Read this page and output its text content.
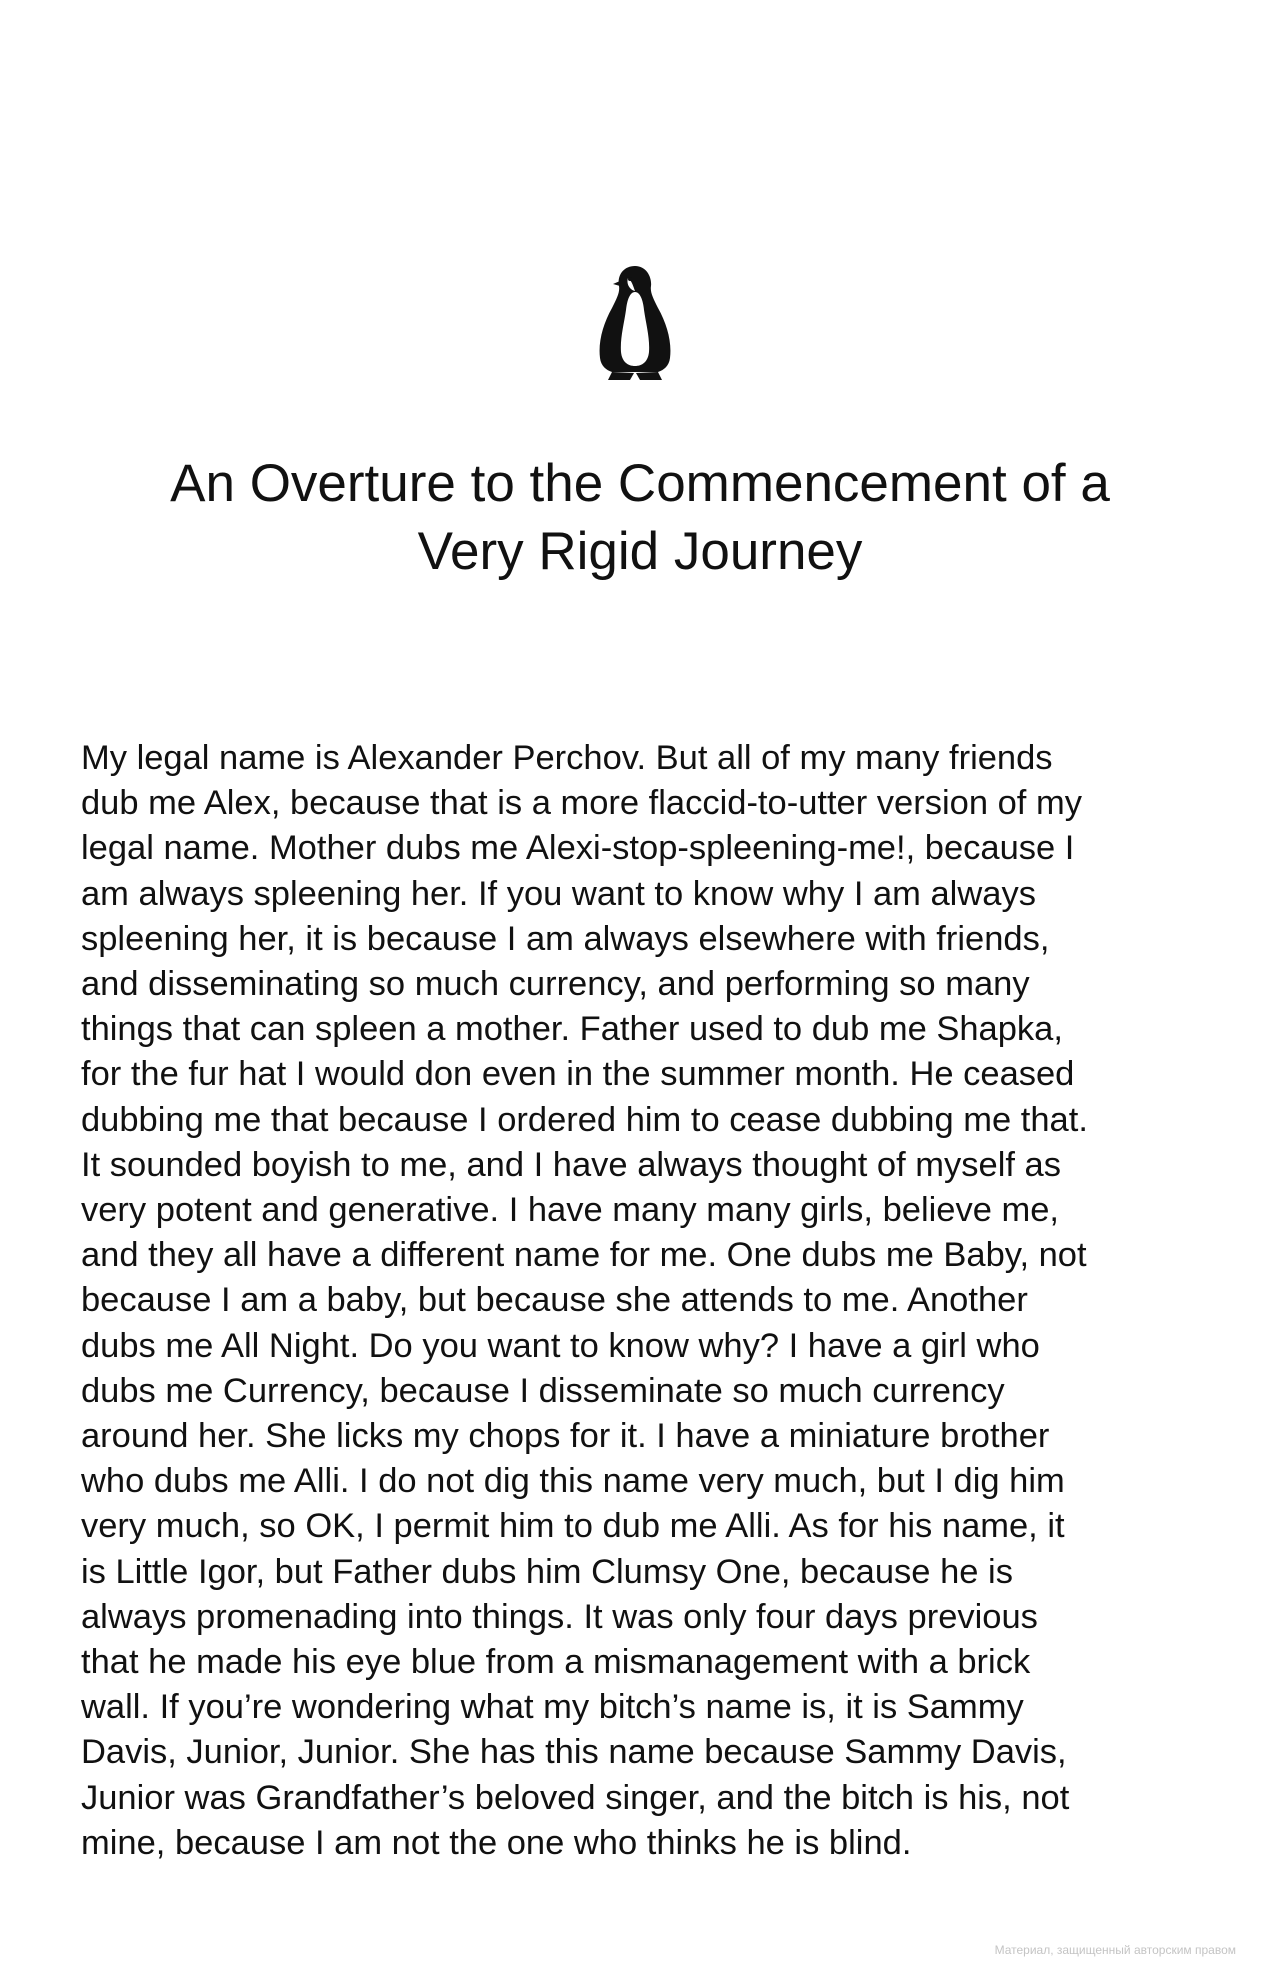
An Overture to the Commencement of a
Very Rigid Journey
My legal name is Alexander Perchov. But all of my many friends
dub me Alex, because that is a more flaccid-to-utter version of my
legal name. Mother dubs me Alexi-stop-spleening-me!, because I
am always spleening her. If you want to know why I am always
spleening her, it is because I am always elsewhere with friends,
and disseminating so much currency, and performing so many
things that can spleen a mother. Father used to dub me Shapka,
for the fur hat I would don even in the summer month. He ceased
dubbing me that because I ordered him to cease dubbing me that.
It sounded boyish to me, and I have always thought of myself as
very potent and generative. I have many many girls, believe me,
and they all have a different name for me. One dubs me Baby, not
because I am a baby, but because she attends to me. Another
dubs me All Night. Do you want to know why? I have a girl who
dubs me Currency, because I disseminate so much currency
around her. She licks my chops for it. I have a miniature brother
who dubs me Alli. I do not dig this name very much, but I dig him
very much, so OK, I permit him to dub me Alli. As for his name, it
is Little Igor, but Father dubs him Clumsy One, because he is
always promenading into things. It was only four days previous
that he made his eye blue from a mismanagement with a brick
wall. If you’re wondering what my bitch’s name is, it is Sammy
Davis, Junior, Junior. She has this name because Sammy Davis,
Junior was Grandfather’s beloved singer, and the bitch is his, not
mine, because I am not the one who thinks he is blind.
Материал, защищенный авторским правом
